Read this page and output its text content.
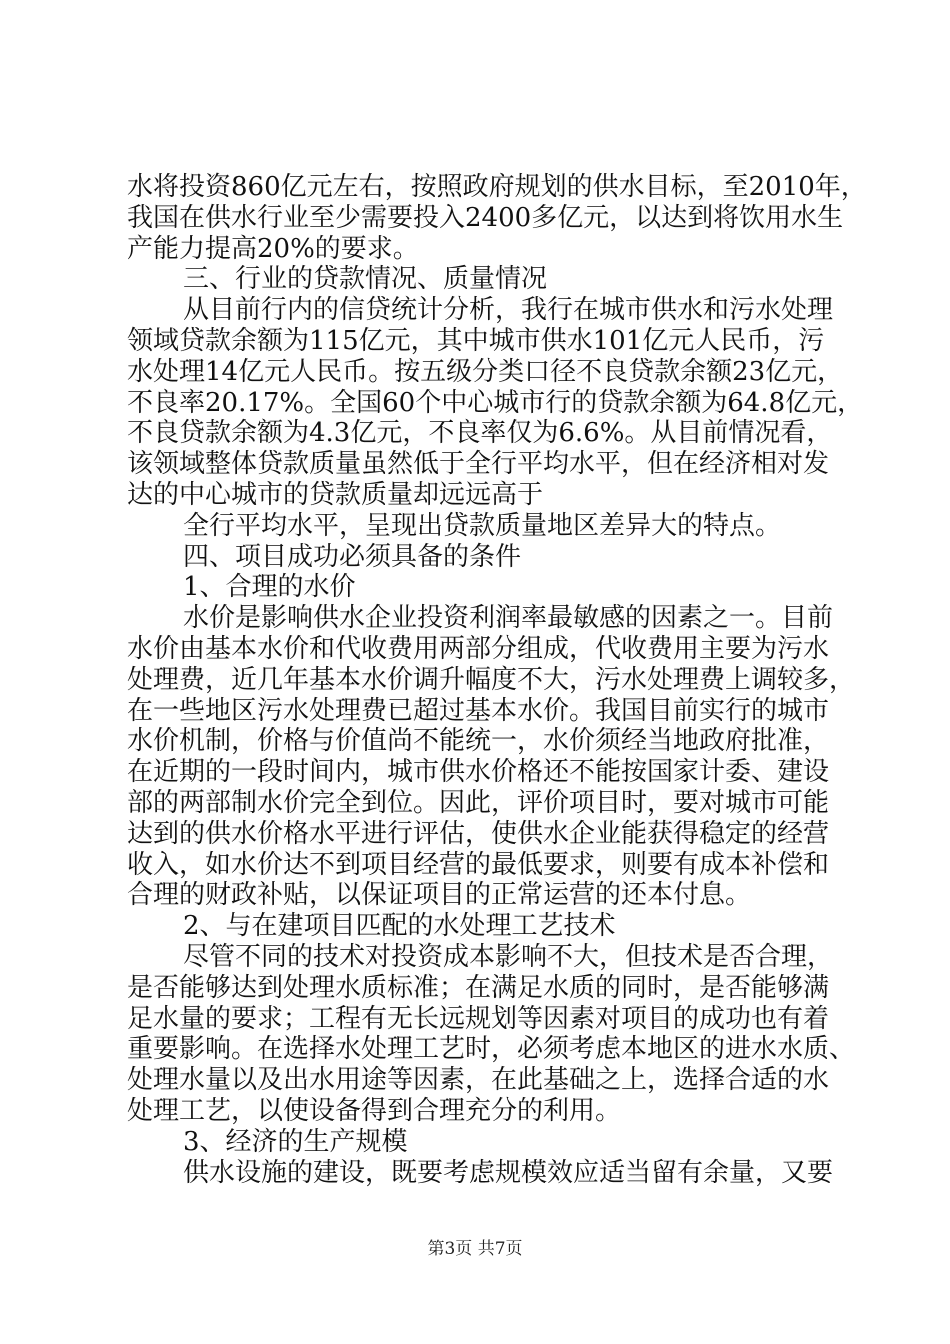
水将投资860亿元左右，按照政府规划的供水目标，至2010年，
我国在供水行业至少需要投入2400多亿元，以达到将饮用水生
产能力提高20%的要求。
三、行业的贷款情况、质量情况
从目前行内的信贷统计分析，我行在城市供水和污水处理
领域贷款余额为115亿元，其中城市供水101亿元人民币，污
水处理14亿元人民币。按五级分类口径不良贷款余额23亿元，
不良率20.17%。全国60个中心城市行的贷款余额为64.8亿元，
不良贷款余额为4.3亿元，不良率仅为6.6%。从目前情况看，
该领域整体贷款质量虽然低于全行平均水平，但在经济相对发
达的中心城市的贷款质量却远远高于
全行平均水平，呈现出贷款质量地区差异大的特点。
四、项目成功必须具备的条件
1、合理的水价
水价是影响供水企业投资利润率最敏感的因素之一。目前
水价由基本水价和代收费用两部分组成，代收费用主要为污水
处理费，近几年基本水价调升幅度不大，污水处理费上调较多，
在一些地区污水处理费已超过基本水价。我国目前实行的城市
水价机制，价格与价值尚不能统一，水价须经当地政府批准，
在近期的一段时间内，城市供水价格还不能按国家计委、建设
部的两部制水价完全到位。因此，评价项目时，要对城市可能
达到的供水价格水平进行评估，使供水企业能获得稳定的经营
收入，如水价达不到项目经营的最低要求，则要有成本补偿和
合理的财政补贴，以保证项目的正常运营的还本付息。
2、与在建项目匹配的水处理工艺技术
尽管不同的技术对投资成本影响不大，但技术是否合理，
是否能够达到处理水质标准；在满足水质的同时，是否能够满
足水量的要求；工程有无长远规划等因素对项目的成功也有着
重要影响。在选择水处理工艺时，必须考虑本地区的进水水质、
处理水量以及出水用途等因素，在此基础之上，选择合适的水
处理工艺，以使设备得到合理充分的利用。
3、经济的生产规模
供水设施的建设，既要考虑规模效应适当留有余量，又要
第3页 共7页
